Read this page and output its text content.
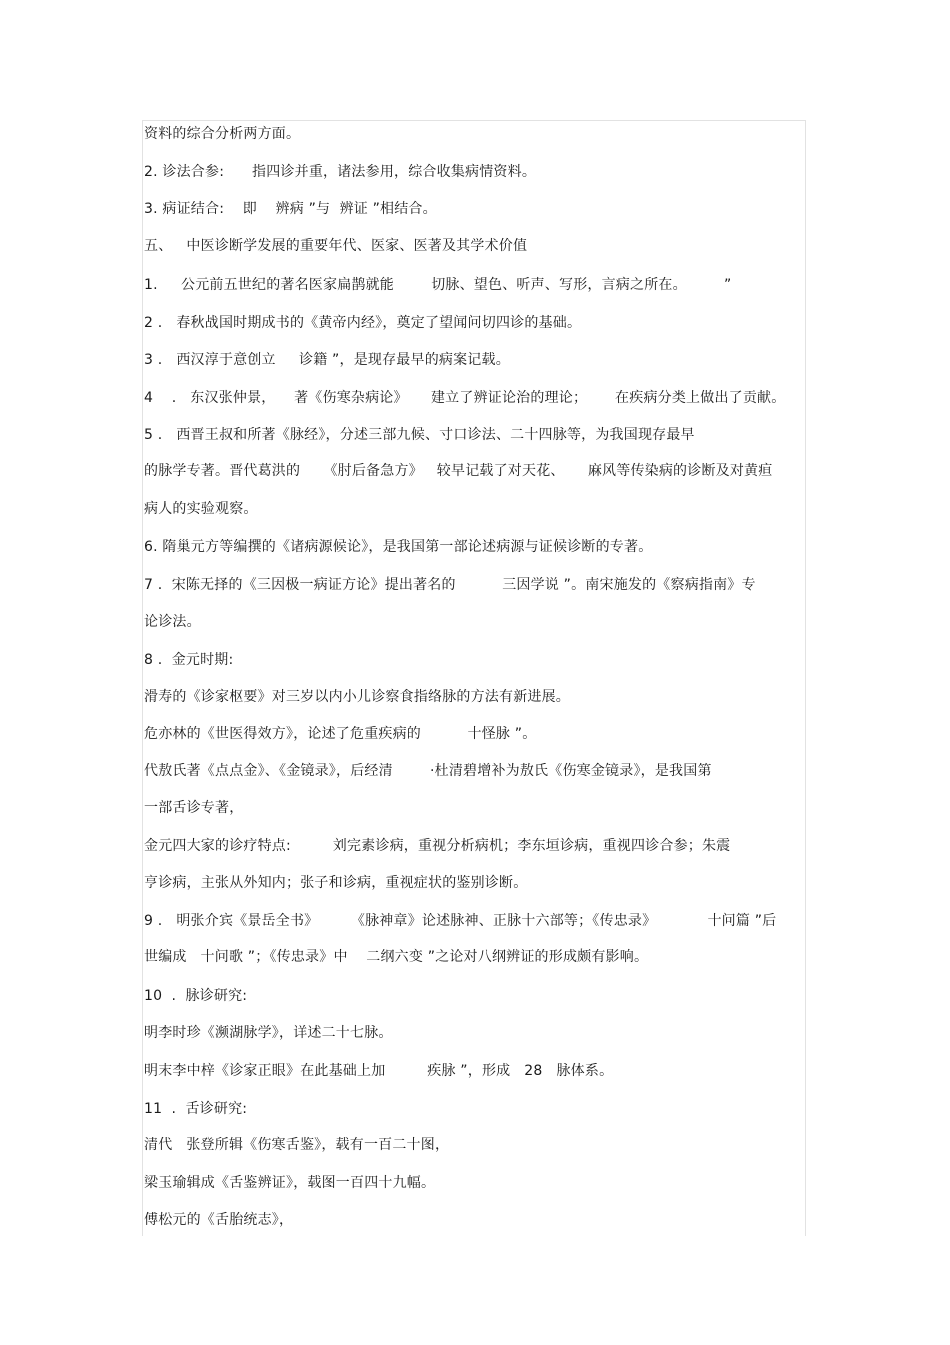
资料的综合分析两方面。
2. 诊法合参:      指四诊并重，诸法参用，综合收集病情资料。
3. 病证结合:    即    辨病 ”与  辨证 ”相结合。
五、   中医诊断学发展的重要年代、医家、医著及其学术价值
1.     公元前五世纪的著名医家扁鹊就能        切脉、望色、听声、写形，言病之所在。        ”
2 .   春秋战国时期成书的《黄帝内经》，奠定了望闻问切四诊的基础。
3 .   西汉淳于意创立     诊籍 ”，是现存最早的病案记载。
4    .   东汉张仲景，    著《伤寒杂病论》     建立了辨证论治的理论；      在疾病分类上做出了贡献。
5 .   西晋王叔和所著《脉经》，分述三部九候、寸口诊法、二十四脉等，为我国现存最早
的脉学专著。晋代葛洪的     《肘后备急方》   较早记载了对天花、     麻风等传染病的诊断及对黄疸
病人的实验观察。
6. 隋巢元方等编撰的《诸病源候论》，是我国第一部论述病源与证候诊断的专著。
7 .  宋陈无择的《三因极一病证方论》提出著名的          三因学说 ”。南宋施发的《察病指南》专
论诊法。
8 .  金元时期:
滑寿的《诊家枢要》对三岁以内小儿诊察食指络脉的方法有新进展。
危亦林的《世医得效方》，论述了危重疾病的          十怪脉 ”。
代敖氏著《点点金》、《金镜录》，后经清        ·杜清碧增补为敖氏《伤寒金镜录》，是我国第
一部舌诊专著，
金元四大家的诊疗特点:         刘完素诊病，重视分析病机；李东垣诊病，重视四诊合参；朱震
亨诊病，主张从外知内；张子和诊病，重视症状的鉴别诊断。
9 .   明张介宾《景岳全书》       《脉神章》论述脉神、正脉十六部等；《传忠录》           十问篇 ”后
世编成   十问歌 ”；《传忠录》中    二纲六变 ”之论对八纲辨证的形成颇有影响。
10  .  脉诊研究:
明李时珍《濒湖脉学》，详述二十七脉。
明末李中梓《诊家正眼》在此基础上加         疾脉 ”，形成   28   脉体系。
11  .  舌诊研究:
清代   张登所辑《伤寒舌鉴》，载有一百二十图，
梁玉瑜辑成《舌鉴辨证》，载图一百四十九幅。
傅松元的《舌胎统志》，
